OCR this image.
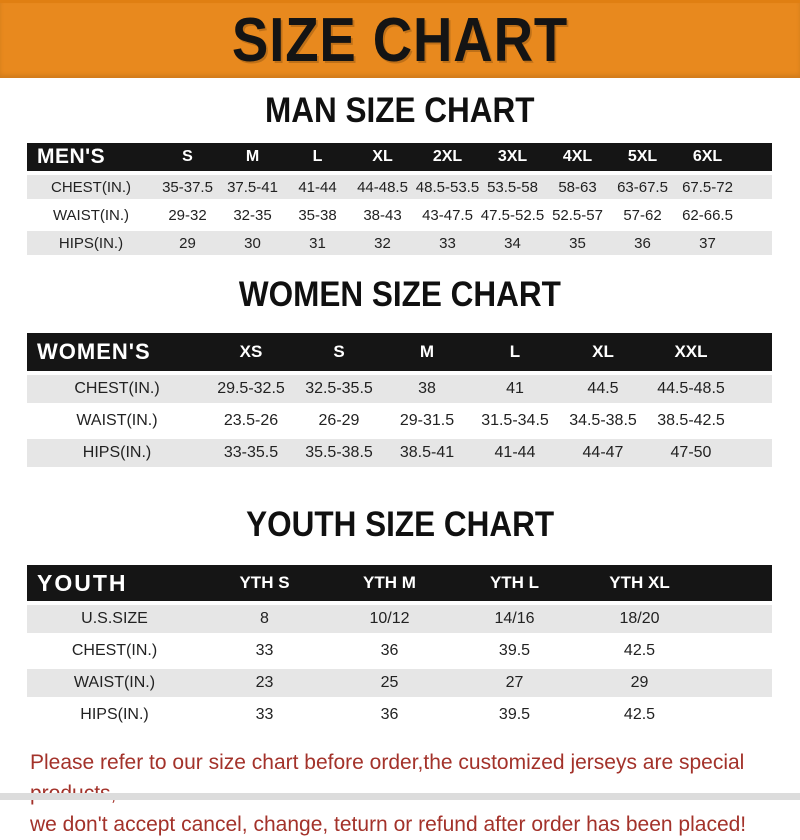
SIZE CHART
MAN SIZE CHART
MEN'S	S	M	L	XL	2XL	3XL	4XL	5XL	6XL	
CHEST(IN.)	35-37.5	37.5-41	41-44	44-48.5	48.5-53.5	53.5-58	58-63	63-67.5	67.5-72	
WAIST(IN.)	29-32	32-35	35-38	38-43	43-47.5	47.5-52.5	52.5-57	57-62	62-66.5	
HIPS(IN.)	29	30	31	32	33	34	35	36	37	
WOMEN SIZE CHART
WOMEN'S	XS	S	M	L	XL	XXL	
CHEST(IN.)	29.5-32.5	32.5-35.5	38	41	44.5	44.5-48.5	
WAIST(IN.)	23.5-26	26-29	29-31.5	31.5-34.5	34.5-38.5	38.5-42.5	
HIPS(IN.)	33-35.5	35.5-38.5	38.5-41	41-44	44-47	47-50	
YOUTH SIZE CHART
YOUTH	YTH S	YTH M	YTH L	YTH XL	
U.S.SIZE	8	10/12	14/16	18/20	
CHEST(IN.)	33	36	39.5	42.5	
WAIST(IN.)	23	25	27	29	
HIPS(IN.)	33	36	39.5	42.5	
Please refer to our size chart before order,the customized jerseys are special
we don't accept cancel, change, teturn or refund after order has been placed!
